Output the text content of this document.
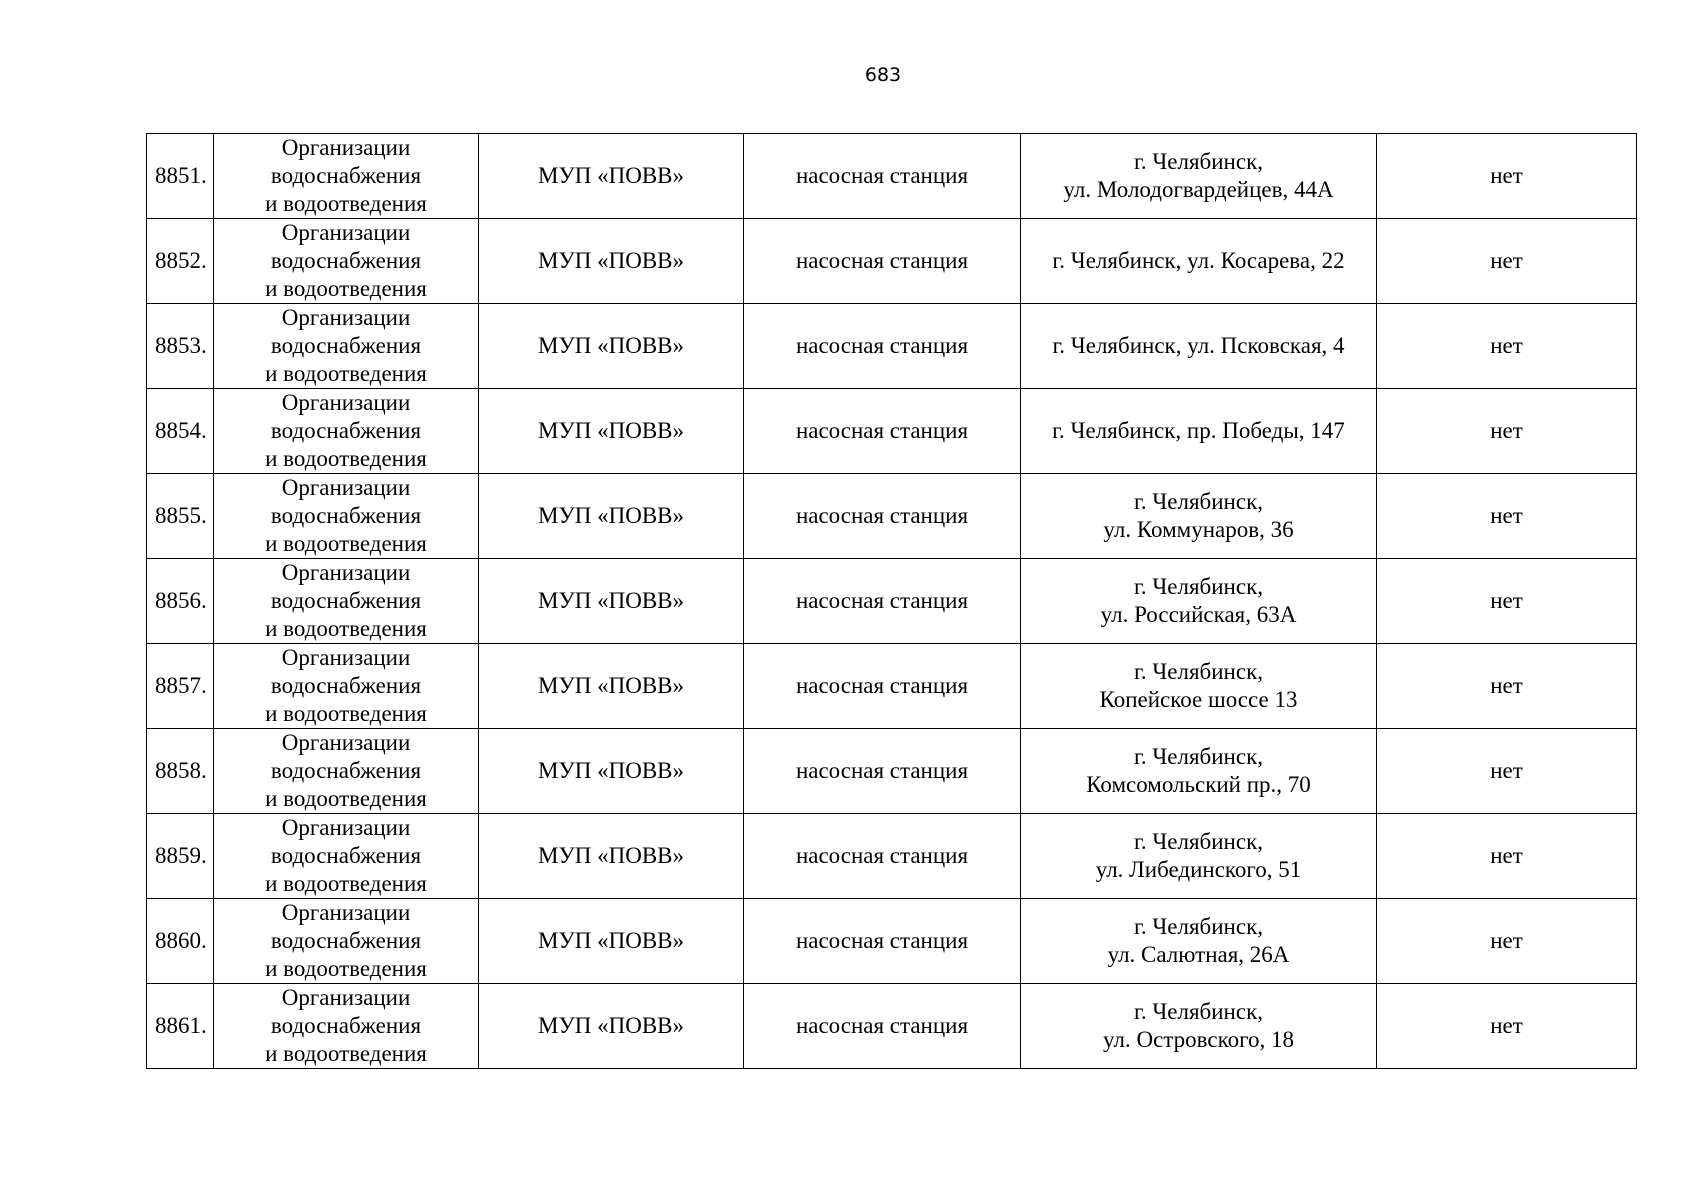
683
8851.	Организации
водоснабжения
и водоотведения	МУП «ПОВВ»	насосная станция	г. Челябинск,
ул. Молодогвардейцев, 44А	нет
8852.	Организации
водоснабжения
и водоотведения	МУП «ПОВВ»	насосная станция	г. Челябинск, ул. Косарева, 22	нет
8853.	Организации
водоснабжения
и водоотведения	МУП «ПОВВ»	насосная станция	г. Челябинск, ул. Псковская, 4	нет
8854.	Организации
водоснабжения
и водоотведения	МУП «ПОВВ»	насосная станция	г. Челябинск, пр. Победы, 147	нет
8855.	Организации
водоснабжения
и водоотведения	МУП «ПОВВ»	насосная станция	г. Челябинск,
ул. Коммунаров, 36	нет
8856.	Организации
водоснабжения
и водоотведения	МУП «ПОВВ»	насосная станция	г. Челябинск,
ул. Российская, 63А	нет
8857.	Организации
водоснабжения
и водоотведения	МУП «ПОВВ»	насосная станция	г. Челябинск,
Копейское шоссе 13	нет
8858.	Организации
водоснабжения
и водоотведения	МУП «ПОВВ»	насосная станция	г. Челябинск,
Комсомольский пр., 70	нет
8859.	Организации
водоснабжения
и водоотведения	МУП «ПОВВ»	насосная станция	г. Челябинск,
ул. Либединского, 51	нет
8860.	Организации
водоснабжения
и водоотведения	МУП «ПОВВ»	насосная станция	г. Челябинск,
ул. Салютная, 26А	нет
8861.	Организации
водоснабжения
и водоотведения	МУП «ПОВВ»	насосная станция	г. Челябинск,
ул. Островского, 18	нет
